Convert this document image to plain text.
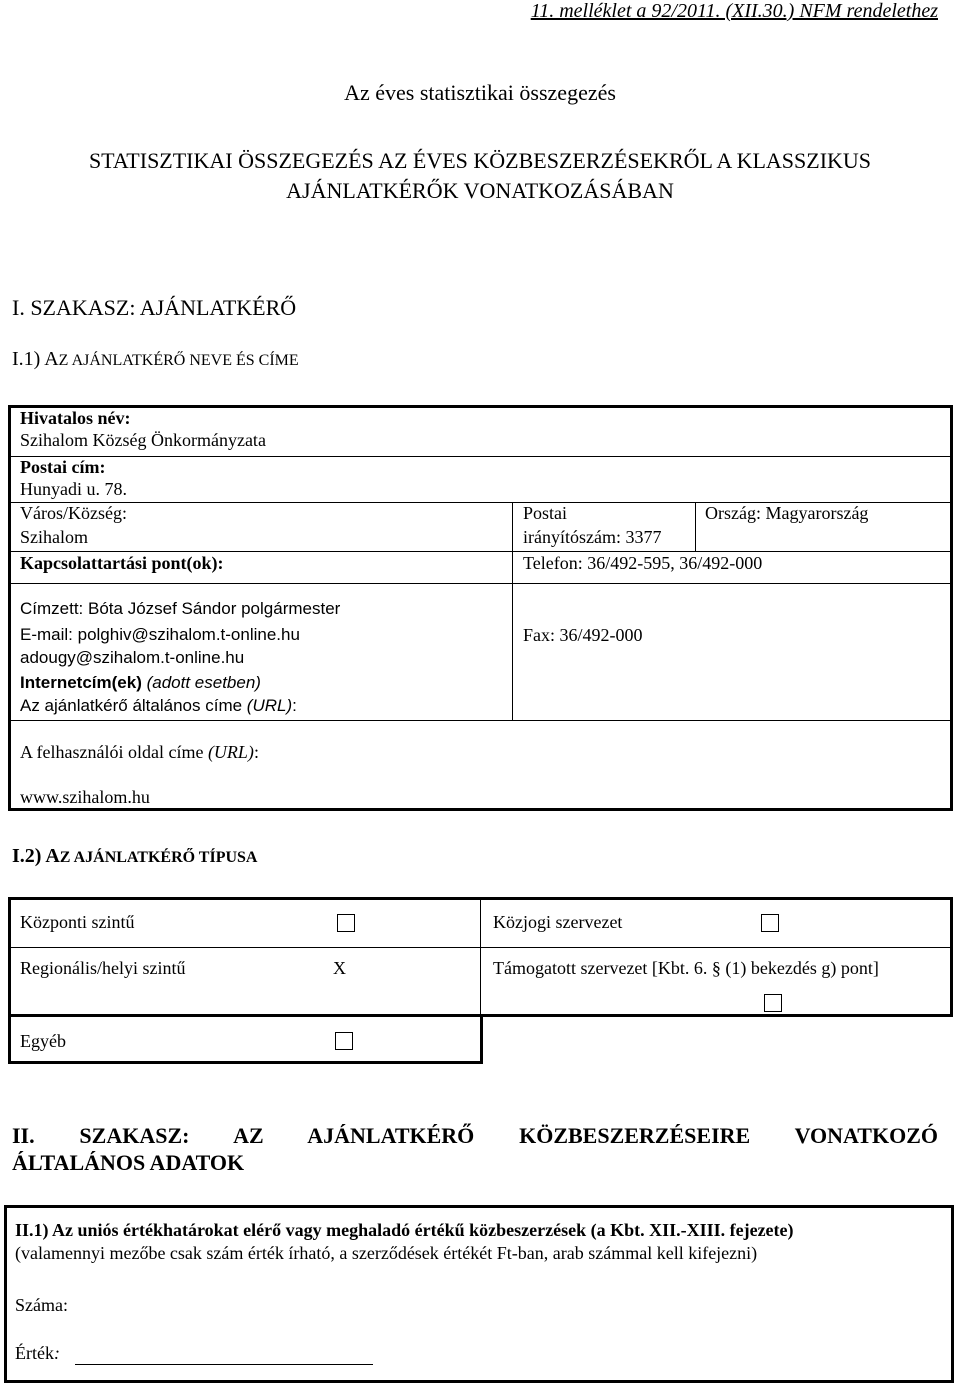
11. melléklet a 92/2011. (XII.30.) NFM rendelethez
Az éves statisztikai összegezés
STATISZTIKAI ÖSSZEGEZÉS AZ ÉVES KÖZBESZERZÉSEKRŐL A KLASSZIKUS
AJÁNLATKÉRŐK VONATKOZÁSÁBAN
I. SZAKASZ: AJÁNLATKÉRŐ
I.1) AZ AJÁNLATKÉRŐ NEVE ÉS CÍME
Hivatalos név:
Szihalom Község Önkormányzata
Postai cím:
Hunyadi u. 78.
Város/Község:
Szihalom
Postai
irányítószám: 3377
Ország: Magyarország
Kapcsolattartási pont(ok):	Telefon: 36/492-595, 36/492-000
Címzett: Bóta József Sándor polgármester
E-mail: polghiv@szihalom.t-online.hu
adougy@szihalom.t-online.hu
Fax: 36/492-000
Internetcím(ek) (adott esetben)
Az ajánlatkérő általános címe (URL):
A felhasználói oldal címe (URL):
www.szihalom.hu
I.2) AZ AJÁNLATKÉRŐ TÍPUSA
Központi szintű	Közjogi szervezet
Regionális/helyi szintű	X	Támogatott szervezet [Kbt. 6. § (1) bekezdés g) pont]
Egyéb
II. SZAKASZ: AZ AJÁNLATKÉRŐ KÖZBESZERZÉSEIRE VONATKOZÓ
ÁLTALÁNOS ADATOK
II.1) Az uniós értékhatárokat elérő vagy meghaladó értékű közbeszerzések (a Kbt. XII.-XIII. fejezete)
(valamennyi mezőbe csak szám érték írható, a szerződések értékét Ft-ban, arab számmal kell kifejezni)
Száma:
Érték:
